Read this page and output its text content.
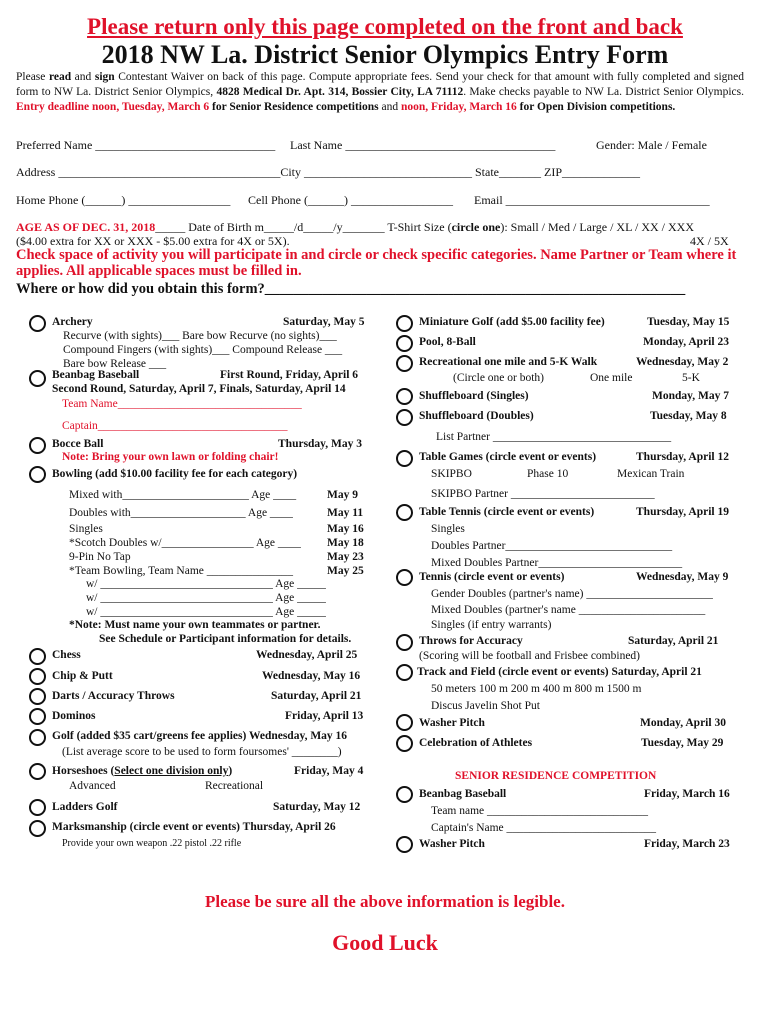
Please return only this page completed on the front and back
2018 NW La. District Senior Olympics Entry Form
Please read and sign Contestant Waiver on back of this page. Compute appropriate fees. Send your check for that amount with fully completed and signed form to NW La. District Senior Olympics, 4828 Medical Dr. Apt. 314, Bossier City, LA 71112. Make checks payable to NW La. District Senior Olympics. Entry deadline noon, Tuesday, March 6 for Senior Residence competitions and noon, Friday, March 16 for Open Division competitions.
Preferred Name ______________________________ Last Name ___________________________________	Gender: Male / Female
Address _____________________________________City ____________________________ State_______ ZIP_____________
Home Phone (______) _________________ Cell Phone (______) _________________ Email __________________________________
AGE AS OF DEC. 31, 2018_____ Date of Birth m_____/d_____/y_______ T-Shirt Size (circle one): Small / Med / Large / XL / XX / XXX
($4.00 extra for XX or XXX - $5.00 extra for 4X or 5X).	4X / 5X
Check space of activity you will participate in and circle or check specific categories. Name Partner or Team where it applies. All applicable spaces must be filled in.
Where or how did you obtain this form?__________________________________________________________
Archery	Saturday, May 5
Recurve (with sights)___ Bare bow Recurve (no sights)___
Compound Fingers (with sights)___ Compound Release ___
Bare bow Release ___
Beanbag Baseball	First Round, Friday, April 6
Second Round, Saturday, April 7, Finals, Saturday, April 14
Team Name________________________________
Captain_________________________________
Bocce Ball	Thursday, May 3
Note: Bring your own lawn or folding chair!
Bowling (add $10.00 facility fee for each category)
Mixed with______________________ Age ____	May 9
Doubles with____________________ Age ____	May 11
Singles	May 16
*Scotch Doubles w/________________ Age ____ May 18
9-Pin No Tap	May 23
*Team Bowling, Team Name _______________	May 25
w/ ______________________________ Age _____
w/ ______________________________ Age _____
w/ ______________________________ Age _____
*Note: Must name your own teammates or partner.
See Schedule or Participant information for details.
Chess	Wednesday, April 25
Chip & Putt	Wednesday, May 16
Darts / Accuracy Throws	Saturday, April 21
Dominos	Friday, April 13
Golf (added $35 cart/greens fee applies) Wednesday, May 16
(List average score to be used to form foursomes' ________)
Horseshoes (Select one division only)	Friday, May 4
Advanced	Recreational
Ladders Golf	Saturday, May 12
Marksmanship (circle event or events) Thursday, April 26
Provide your own weapon .22 pistol .22 rifle
Miniature Golf (add $5.00 facility fee)	Tuesday, May 15
Pool, 8-Ball	Monday, April 23
Recreational one mile and 5-K Walk	Wednesday, May 2
(Circle one or both)	One mile	5-K
Shuffleboard (Singles)	Monday, May 7
Shuffleboard (Doubles)	Tuesday, May 8
List Partner _______________________________
Table Games (circle event or events)	Thursday, April 12
SKIPBO	Phase 10	Mexican Train
SKIPBO Partner _________________________
Table Tennis (circle event or events)	Thursday, April 19
Singles
Doubles Partner_____________________________
Mixed Doubles Partner_________________________
Tennis (circle event or events)	Wednesday, May 9
Gender Doubles (partner's name) ______________________
Mixed Doubles (partner's name ______________________
Singles (if entry warrants)
Throws for Accuracy	Saturday, April 21
(Scoring will be football and Frisbee combined)
Track and Field (circle event or events) Saturday, April 21
50 meters 100 m 200 m 400 m 800 m 1500 m
Discus Javelin Shot Put
Washer Pitch	Monday, April 30
Celebration of Athletes	Tuesday, May 29
SENIOR RESIDENCE COMPETITION
Beanbag Baseball	Friday, March 16
Team name ____________________________
Captain's Name __________________________
Washer Pitch	Friday, March 23
Please be sure all the above information is legible.
Good Luck
